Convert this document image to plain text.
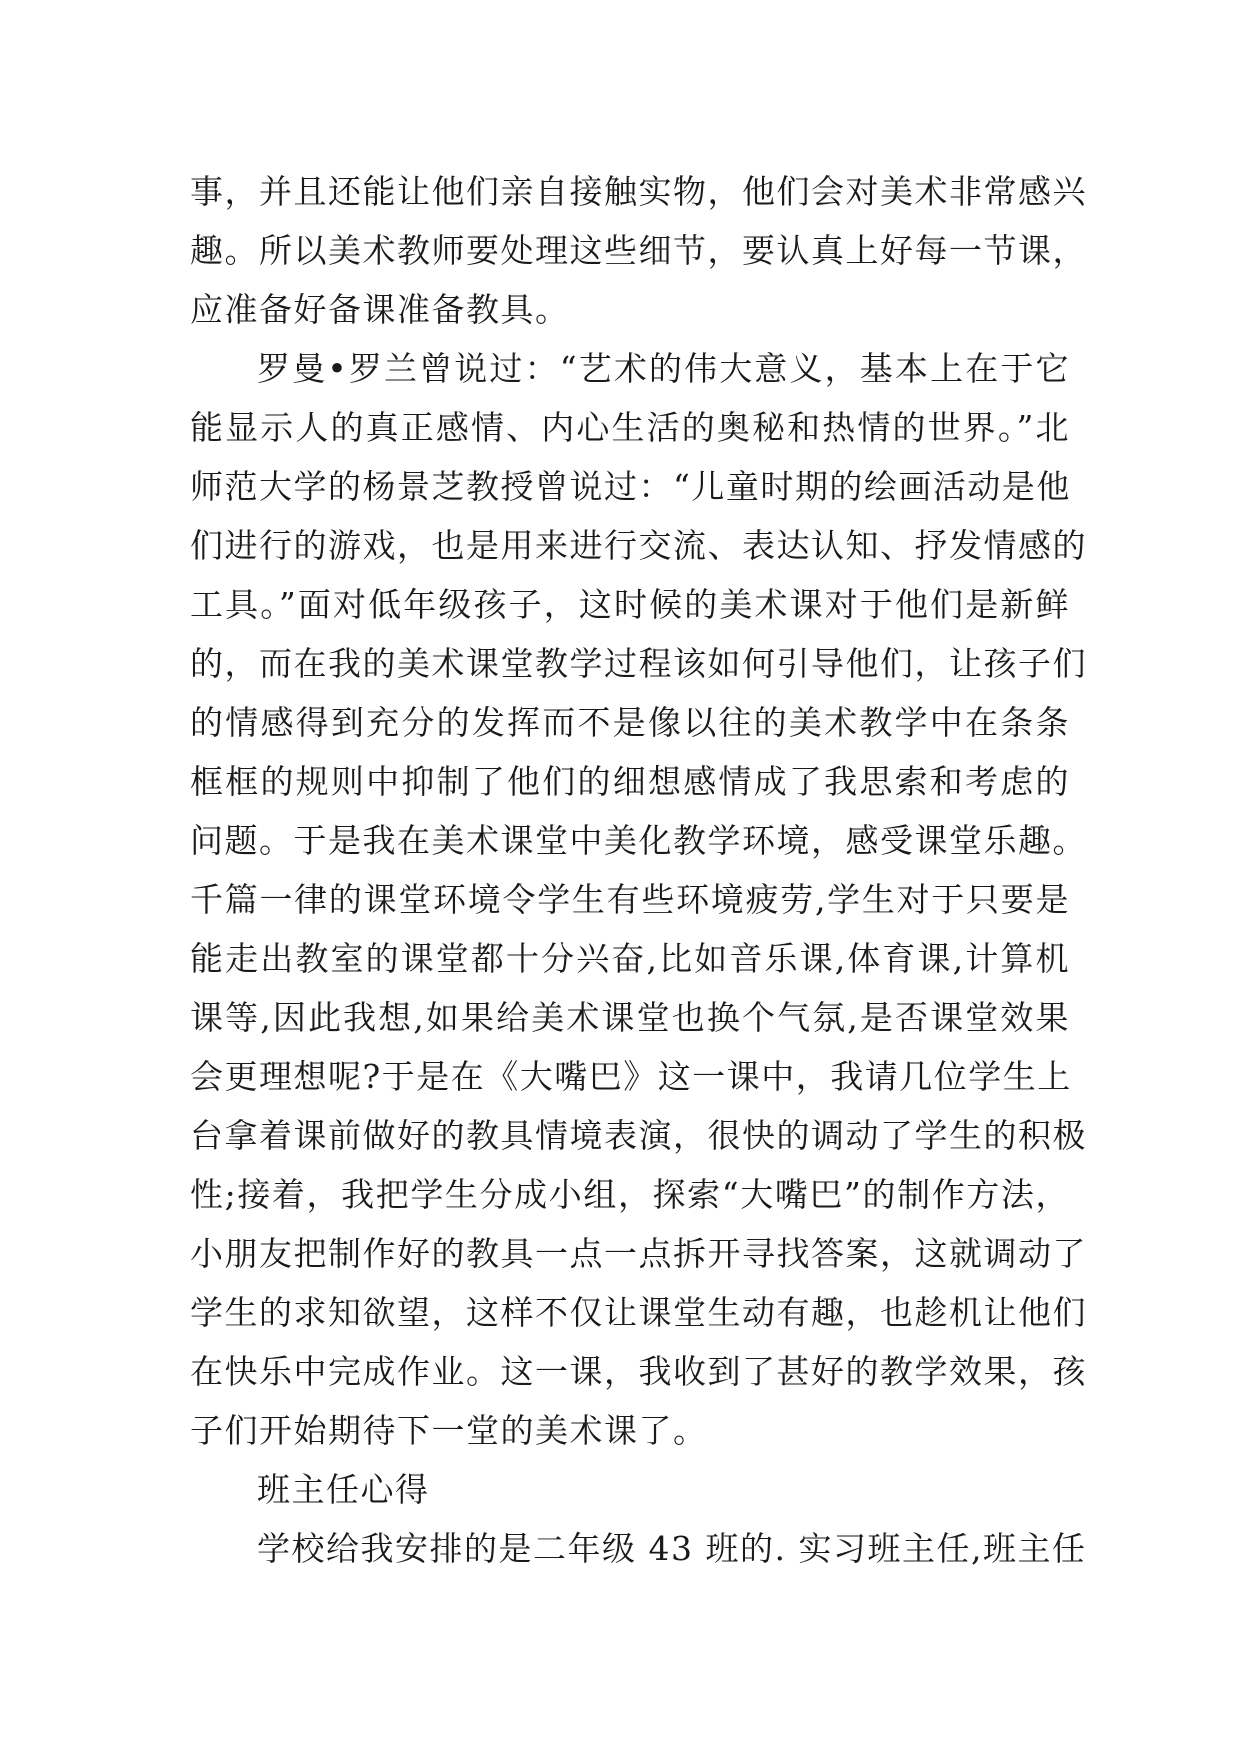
事，并且还能让他们亲自接触实物，他们会对美术非常感兴
趣。所以美术教师要处理这些细节，要认真上好每一节课，
应准备好备课准备教具。
罗曼•罗兰曾说过：“艺术的伟大意义，基本上在于它
能显示人的真正感情、内心生活的奥秘和热情的世界。”北
师范大学的杨景芝教授曾说过：“儿童时期的绘画活动是他
们进行的游戏，也是用来进行交流、表达认知、抒发情感的
工具。”面对低年级孩子，这时候的美术课对于他们是新鲜
的，而在我的美术课堂教学过程该如何引导他们，让孩子们
的情感得到充分的发挥而不是像以往的美术教学中在条条
框框的规则中抑制了他们的细想感情成了我思索和考虑的
问题。于是我在美术课堂中美化教学环境，感受课堂乐趣。
千篇一律的课堂环境令学生有些环境疲劳,学生对于只要是
能走出教室的课堂都十分兴奋,比如音乐课,体育课,计算机
课等,因此我想,如果给美术课堂也换个气氛,是否课堂效果
会更理想呢?于是在《大嘴巴》这一课中，我请几位学生上
台拿着课前做好的教具情境表演，很快的调动了学生的积极
性;接着，我把学生分成小组，探索“大嘴巴”的制作方法，
小朋友把制作好的教具一点一点拆开寻找答案，这就调动了
学生的求知欲望，这样不仅让课堂生动有趣，也趁机让他们
在快乐中完成作业。这一课，我收到了甚好的教学效果，孩
子们开始期待下一堂的美术课了。
班主任心得
学校给我安排的是二年级 43 班的. 实习班主任,班主任
